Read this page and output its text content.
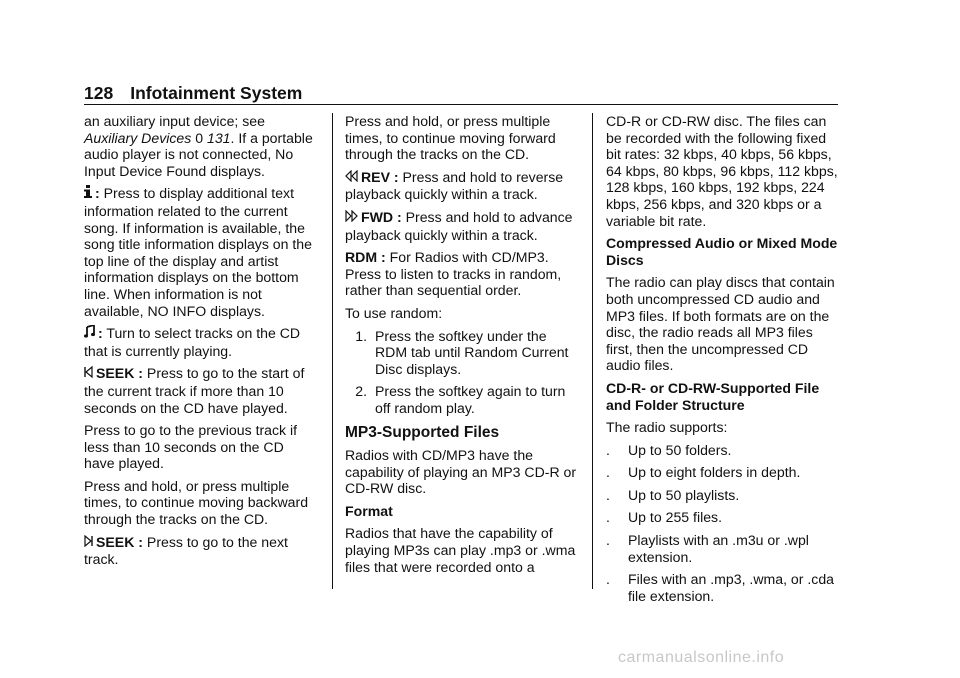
128 Infotainment System

an auxiliary input device; see
Auxiliary Devices 0 131. If a portable audio player is not connected, No Input Device Found displays.

: Press to display additional text information related to the current song. If information is available, the song title information displays on the top line of the display and artist information displays on the bottom line. When information is not available, NO INFO displays.

: Turn to select tracks on the CD that is currently playing.

SEEK : Press to go to the start of the current track if more than 10 seconds on the CD have played.

Press to go to the previous track if less than 10 seconds on the CD have played.

Press and hold, or press multiple times, to continue moving backward through the tracks on the CD.

SEEK : Press to go to the next track.

Press and hold, or press multiple times, to continue moving forward through the tracks on the CD.

REV : Press and hold to reverse playback quickly within a track.

FWD : Press and hold to advance playback quickly within a track.

RDM : For Radios with CD/MP3. Press to listen to tracks in random, rather than sequential order.

To use random:

1. Press the softkey under the RDM tab until Random Current Disc displays.
2. Press the softkey again to turn off random play.
MP3-Supported Files

Radios with CD/MP3 have the capability of playing an MP3 CD-R or CD-RW disc.

Format

Radios that have the capability of playing MP3s can play .mp3 or .wma files that were recorded onto a

CD-R or CD-RW disc. The files can be recorded with the following fixed bit rates: 32 kbps, 40 kbps, 56 kbps, 64 kbps, 80 kbps, 96 kbps, 112 kbps, 128 kbps, 160 kbps, 192 kbps, 224 kbps, 256 kbps, and 320 kbps or a variable bit rate.

Compressed Audio or Mixed Mode Discs

The radio can play discs that contain both uncompressed CD audio and MP3 files. If both formats are on the disc, the radio reads all MP3 files first, then the uncompressed CD audio files.

CD-R- or CD-RW-Supported File and Folder Structure

The radio supports:

.	Up to 50 folders.
.	Up to eight folders in depth.
.	Up to 50 playlists.
.	Up to 255 files.
.	Playlists with an .m3u or .wpl extension.
.	Files with an .mp3, .wma, or .cda file extension.
carmanualsonline.info
